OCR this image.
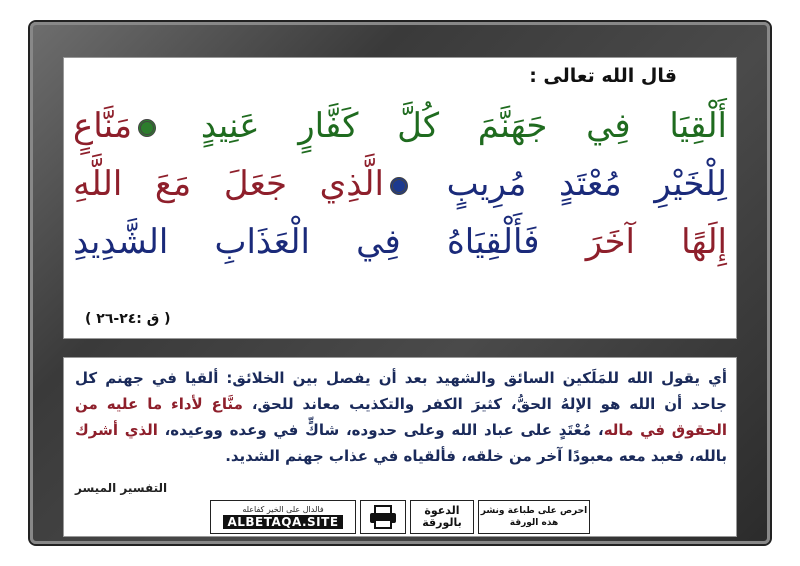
قال الله تعالى :
أَلْقِيَا فِي جَهَنَّمَ كُلَّ كَفَّارٍ عَنِيدٍ مَنَّاعٍ
لِلْخَيْرِ مُعْتَدٍ مُرِيبٍ الَّذِي جَعَلَ مَعَ اللَّهِ
إِلَهًا آخَرَ فَأَلْقِيَاهُ فِي الْعَذَابِ الشَّدِيدِ
( ق :٢٤-٢٦ )
أي يقول الله للمَلَكين السائق والشهيد بعد أن يفصل بين الخلائق: ألقيا في جهنم كل جاحد أن الله هو الإلهُ الحقُّ، كثيرَ الكفر والتكذيب معاند للحق، منَّاع لأداء ما عليه من الحقوق في ماله، مُعْتَدٍ على عباد الله وعلى حدوده، شاكٍّ في وعده ووعيده، الذي أشرك بالله، فعبد معه معبودًا آخر من خلقه، فألقياه في عذاب جهنم الشديد.
التفسير الميسر
فالدال على الخير كفاعله
ALBETAQA.SITE
الدعوة بالورقة
احرص على طباعة ونشر هذه الورقة
